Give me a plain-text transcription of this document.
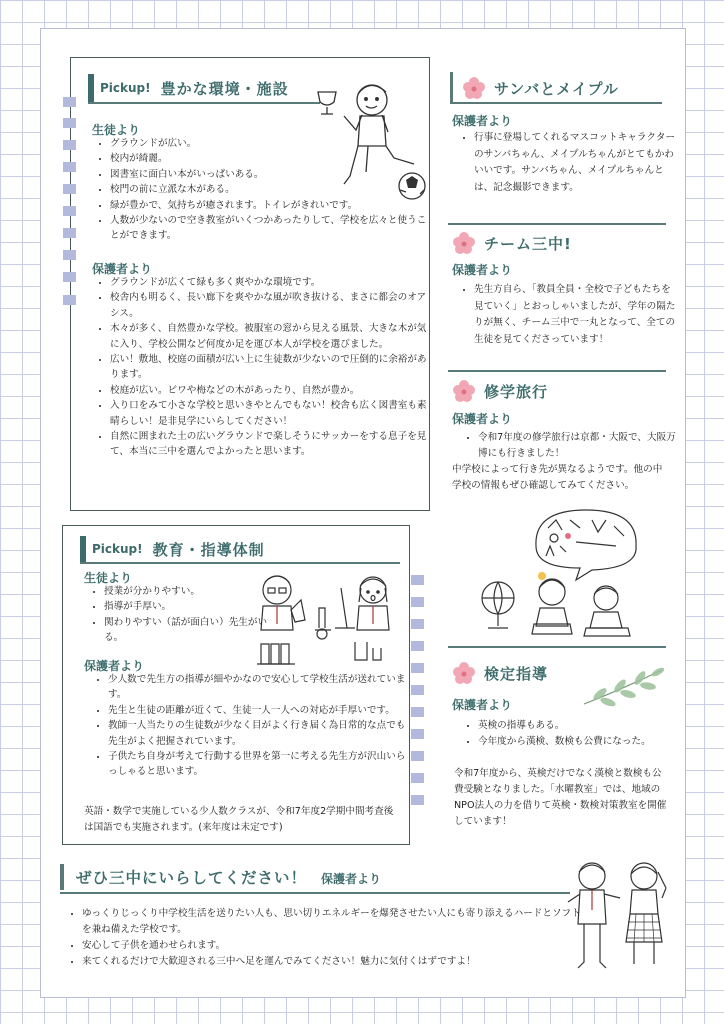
Pickup! 豊かな環境・施設
生徒より
• グラウンドが広い。
• 校内が綺麗。
• 図書室に面白い本がいっぱいある。
• 校門の前に立派な木がある。
• 緑が豊かで、気持ちが癒されます。トイレがきれいです。
• 人数が少ないので空き教室がいくつかあったりして、学校を広々と使うことができます。
保護者より
• グラウンドが広くて緑も多く爽やかな環境です。
• 校舎内も明るく、長い廊下を爽やかな風が吹き抜ける、まさに都会のオアシス。
• 木々が多く、自然豊かな学校。被服室の窓から見える風景、大きな木が気に入り、学校公開など何度か足を運び本人が学校を選びました。
• 広い！敷地、校庭の面積が広い上に生徒数が少ないので圧倒的に余裕があります。
• 校庭が広い。ビワや梅などの木があったり、自然が豊か。
• 入り口をみて小さな学校と思いきやとんでもない！校舎も広く図書室も素晴らしい！是非見学にいらしてください！
• 自然に囲まれた土の広いグラウンドで楽しそうにサッカーをする息子を見て、本当に三中を選んでよかったと思います。
Pickup! 教育・指導体制
生徒より
• 授業が分かりやすい。
• 指導が手厚い。
• 関わりやすい（話が面白い）先生がいる。
保護者より
• 少人数で先生方の指導が細やかなので安心して学校生活が送れています。
• 先生と生徒の距離が近くて、生徒一人一人への対応が手厚いです。
• 教師一人当たりの生徒数が少なく目がよく行き届く為日常的な点でも先生がよく把握されています。
• 子供たち自身が考えて行動する世界を第一に考える先生方が沢山いらっしゃると思います。
英語・数学で実施している少人数クラスが、令和7年度2学期中間考査後は国語でも実施されます。(来年度は未定です)
サンバとメイプル
保護者より
• 行事に登場してくれるマスコットキャラクターのサンバちゃん、メイプルちゃんがとてもかわいいです。サンバちゃん、メイプルちゃんとは、記念撮影できます。
チーム三中!
保護者より
• 先生方自ら、「教員全員・全校で子どもたちを見ていく」とおっしゃいましたが、学年の隔たりが無く、チーム三中で一丸となって、全ての生徒を見てくださっています！
修学旅行
保護者より
• 令和7年度の修学旅行は京都・大阪で、大阪万博にも行きました！
中学校によって行き先が異なるようです。他の中学校の情報もぜひ確認してみてください。
検定指導
保護者より
• 英検の指導もある。
• 今年度から漢検、数検も公費になった。
令和7年度から、英検だけでなく漢検と数検も公費受験となりました。「水曜教室」では、地域のNPO法人の力を借りて英検・数検対策教室を開催しています！
ぜひ三中にいらしてください！ 保護者より
• ゆっくりじっくり中学校生活を送りたい人も、思い切りエネルギーを爆発させたい人にも寄り添えるハードとソフトを兼ね備えた学校です。
• 安心して子供を通わせられます。
• 来てくれるだけで大歓迎される三中へ足を運んでみてください！魅力に気付くはずですよ！
